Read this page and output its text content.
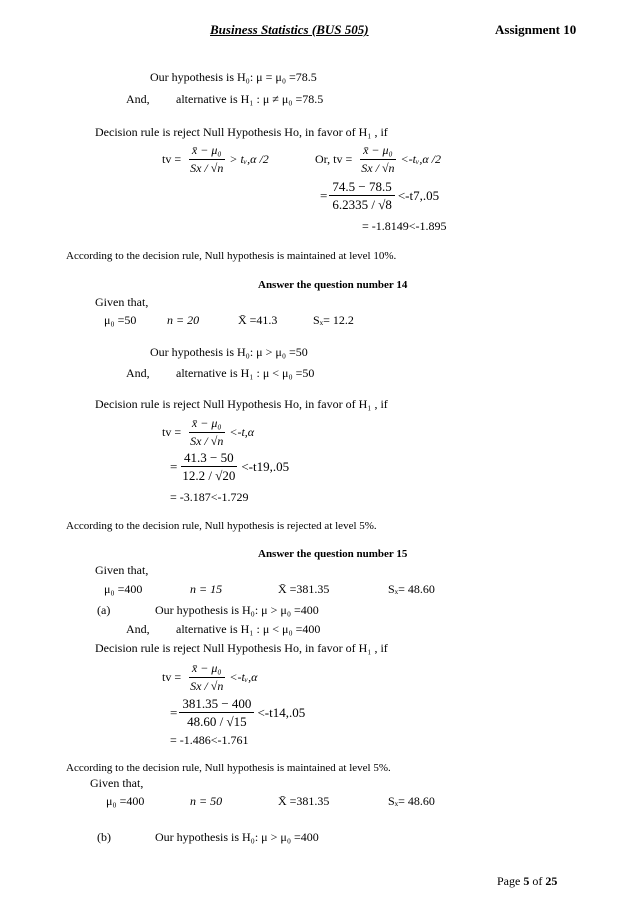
Business Statistics (BUS 505)	Assignment 10
Our hypothesis is H₀: μ = μ₀ =78.5
And, alternative is H₁ : μ ≠ μ₀ =78.5
Decision rule is reject Null Hypothesis Ho, in favor of H₁ , if
tv = $\frac{\text{x̄ − μ₀}}{Sx / √n}$ > tᵥ,α /2	Or, tv = $\frac{\text{x̄ − μ₀}}{Sx / √n}$ <-tᵥ,α /2
= $\frac{74.5 - 78.5}{6.2335 / √8} <-t7,.05$
= -1.8149<-1.895
According to the decision rule, Null hypothesis is maintained at level 10%.
Answer the question number 14
Given that,
μ₀ =50	n = 20	X̄ =41.3	Sₓ= 12.2
Our hypothesis is H₀: μ > μ₀ =50
And, alternative is H₁ : μ < μ₀ =50
Decision rule is reject Null Hypothesis Ho, in favor of H₁ , if
tv = $\frac{\text{x̄ − μ₀}}{Sx / √n} <-t,\alpha$
= $\frac{41.3 - 50}{12.2 / √20} <-t19,.05$
= -3.187<-1.729
According to the decision rule, Null hypothesis is rejected at level 5%.
Answer the question number 15
Given that,
μ₀ =400	n = 15	X̄ =381.35	Sₓ= 48.60
(a)	Our hypothesis is H₀: μ > μ₀ =400
And, alternative is H₁ : μ < μ₀ =400
Decision rule is reject Null Hypothesis Ho, in favor of H₁ , if
tv = $\frac{\text{x̄ − μ₀}}{Sx / √n}$ <-tᵥ,α
= $\frac{381.35 - 400}{48.60 / √15} <-t14,.05$
= -1.486<-1.761
According to the decision rule, Null hypothesis is maintained at level 5%.
Given that,
μ₀ =400	n = 50	X̄ =381.35	Sₓ= 48.60
(b)	Our hypothesis is H₀: μ > μ₀ =400
Page 5 of 25
